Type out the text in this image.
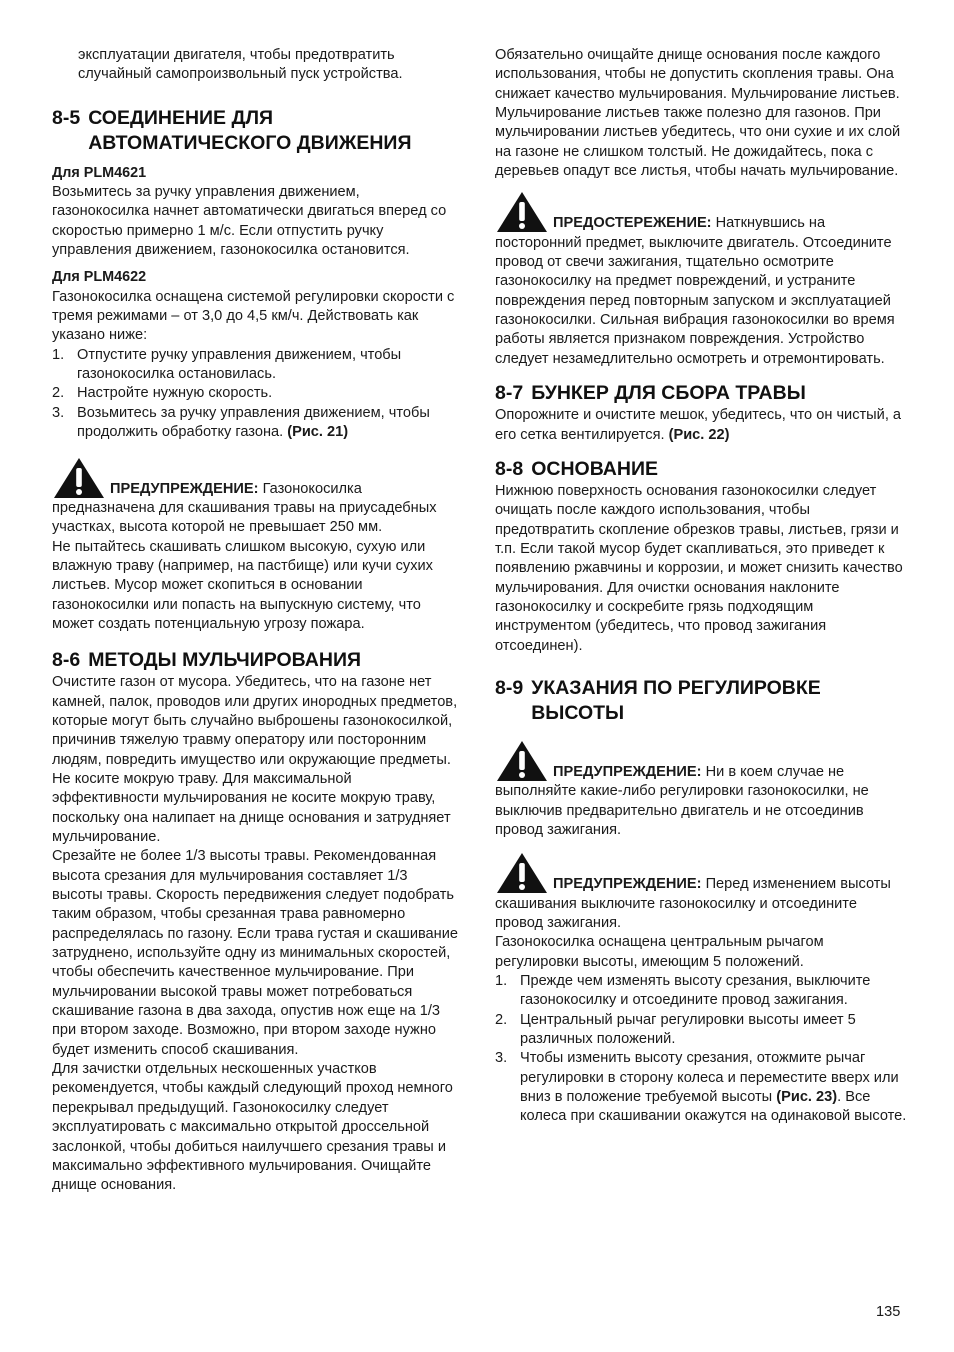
эксплуатации двигателя, чтобы предотвратить случайный самопроизвольный пуск устройства.

8-5 СОЕДИНЕНИЕ ДЛЯ АВТОМАТИЧЕСКОГО ДВИЖЕНИЯ

Для PLM4621

Возьмитесь за ручку управления движением, газонокосилка начнет автоматически двигаться вперед со скоростью примерно 1 м/с. Если отпустить ручку управления движением, газонокосилка остановится.

Для PLM4622

Газонокосилка оснащена системой регулировки скорости с тремя режимами – от 3,0 до 4,5 км/ч. Действовать как указано ниже:

1. Отпустите ручку управления движением, чтобы газонокосилка остановилась.
2. Настройте нужную скорость.
3. Возьмитесь за ручку управления движением, чтобы продолжить обработку газона. (Рис. 21)

ПРЕДУПРЕЖДЕНИЕ: Газонокосилка предназначена для скашивания травы на приусадебных участках, высота которой не превышает 250 мм.

Не пытайтесь скашивать слишком высокую, сухую или влажную траву (например, на пастбище) или кучи сухих листьев. Мусор может скопиться в основании газонокосилки или попасть на выпускную систему, что может создать потенциальную угрозу пожара.

8-6 МЕТОДЫ МУЛЬЧИРОВАНИЯ

Очистите газон от мусора. Убедитесь, что на газоне нет камней, палок, проводов или других инородных предметов, которые могут быть случайно выброшены газонокосилкой, причинив тяжелую травму оператору или посторонним людям, повредить имущество или окружающие предметы. Не косите мокрую траву. Для максимальной эффективности мульчирования не косите мокрую траву, поскольку она налипает на днище основания и затрудняет мульчирование.

Срезайте не более 1/3 высоты травы. Рекомендованная высота срезания для мульчирования составляет 1/3 высоты травы. Скорость передвижения следует подобрать таким образом, чтобы срезанная трава равномерно распределялась по газону. Если трава густая и скашивание затруднено, используйте одну из минимальных скоростей, чтобы обеспечить качественное мульчирование. При мульчировании высокой травы может потребоваться скашивание газона в два захода, опустив нож еще на 1/3 при втором заходе. Возможно, при втором заходе нужно будет изменить способ скашивания.

Для зачистки отдельных нескошенных участков рекомендуется, чтобы каждый следующий проход немного перекрывал предыдущий. Газонокосилку следует эксплуатировать с максимально открытой дроссельной заслонкой, чтобы добиться наилучшего срезания травы и максимально эффективного мульчирования. Очищайте днище основания.

Обязательно очищайте днище основания после каждого использования, чтобы не допустить скопления травы. Она снижает качество мульчирования. Мульчирование листьев. Мульчирование листьев также полезно для газонов. При мульчировании листьев убедитесь, что они сухие и их слой на газоне не слишком толстый. Не дожидайтесь, пока с деревьев опадут все листья, чтобы начать мульчирование.

ПРЕДОСТЕРЕЖЕНИЕ: Наткнувшись на посторонний предмет, выключите двигатель. Отсоедините провод от свечи зажигания, тщательно осмотрите газонокосилку на предмет повреждений, и устраните повреждения перед повторным запуском и эксплуатацией газонокосилки. Сильная вибрация газонокосилки во время работы является признаком повреждения. Устройство следует незамедлительно осмотреть и отремонтировать.

8-7 БУНКЕР ДЛЯ СБОРА ТРАВЫ

Опорожните и очистите мешок, убедитесь, что он чистый, а его сетка вентилируется. (Рис. 22)

8-8 ОСНОВАНИЕ

Нижнюю поверхность основания газонокосилки следует очищать после каждого использования, чтобы предотвратить скопление обрезков травы, листьев, грязи и т.п. Если такой мусор будет скапливаться, это приведет к появлению ржавчины и коррозии, и может снизить качество мульчирования. Для очистки основания наклоните газонокосилку и соскребите грязь подходящим инструментом (убедитесь, что провод зажигания отсоединен).

8-9 УКАЗАНИЯ ПО РЕГУЛИРОВКЕ ВЫСОТЫ

ПРЕДУПРЕЖДЕНИЕ: Ни в коем случае не выполняйте какие-либо регулировки газонокосилки, не выключив предварительно двигатель и не отсоединив провод зажигания.

ПРЕДУПРЕЖДЕНИЕ: Перед изменением высоты скашивания выключите газонокосилку и отсоедините провод зажигания.

Газонокосилка оснащена центральным рычагом регулировки высоты, имеющим 5 положений.

1. Прежде чем изменять высоту срезания, выключите газонокосилку и отсоедините провод зажигания.
2. Центральный рычаг регулировки высоты имеет 5 различных положений.
3. Чтобы изменить высоту срезания, отожмите рычаг регулировки в сторону колеса и переместите вверх или вниз в положение требуемой высоты (Рис. 23). Все колеса при скашивании окажутся на одинаковой высоте.
135
